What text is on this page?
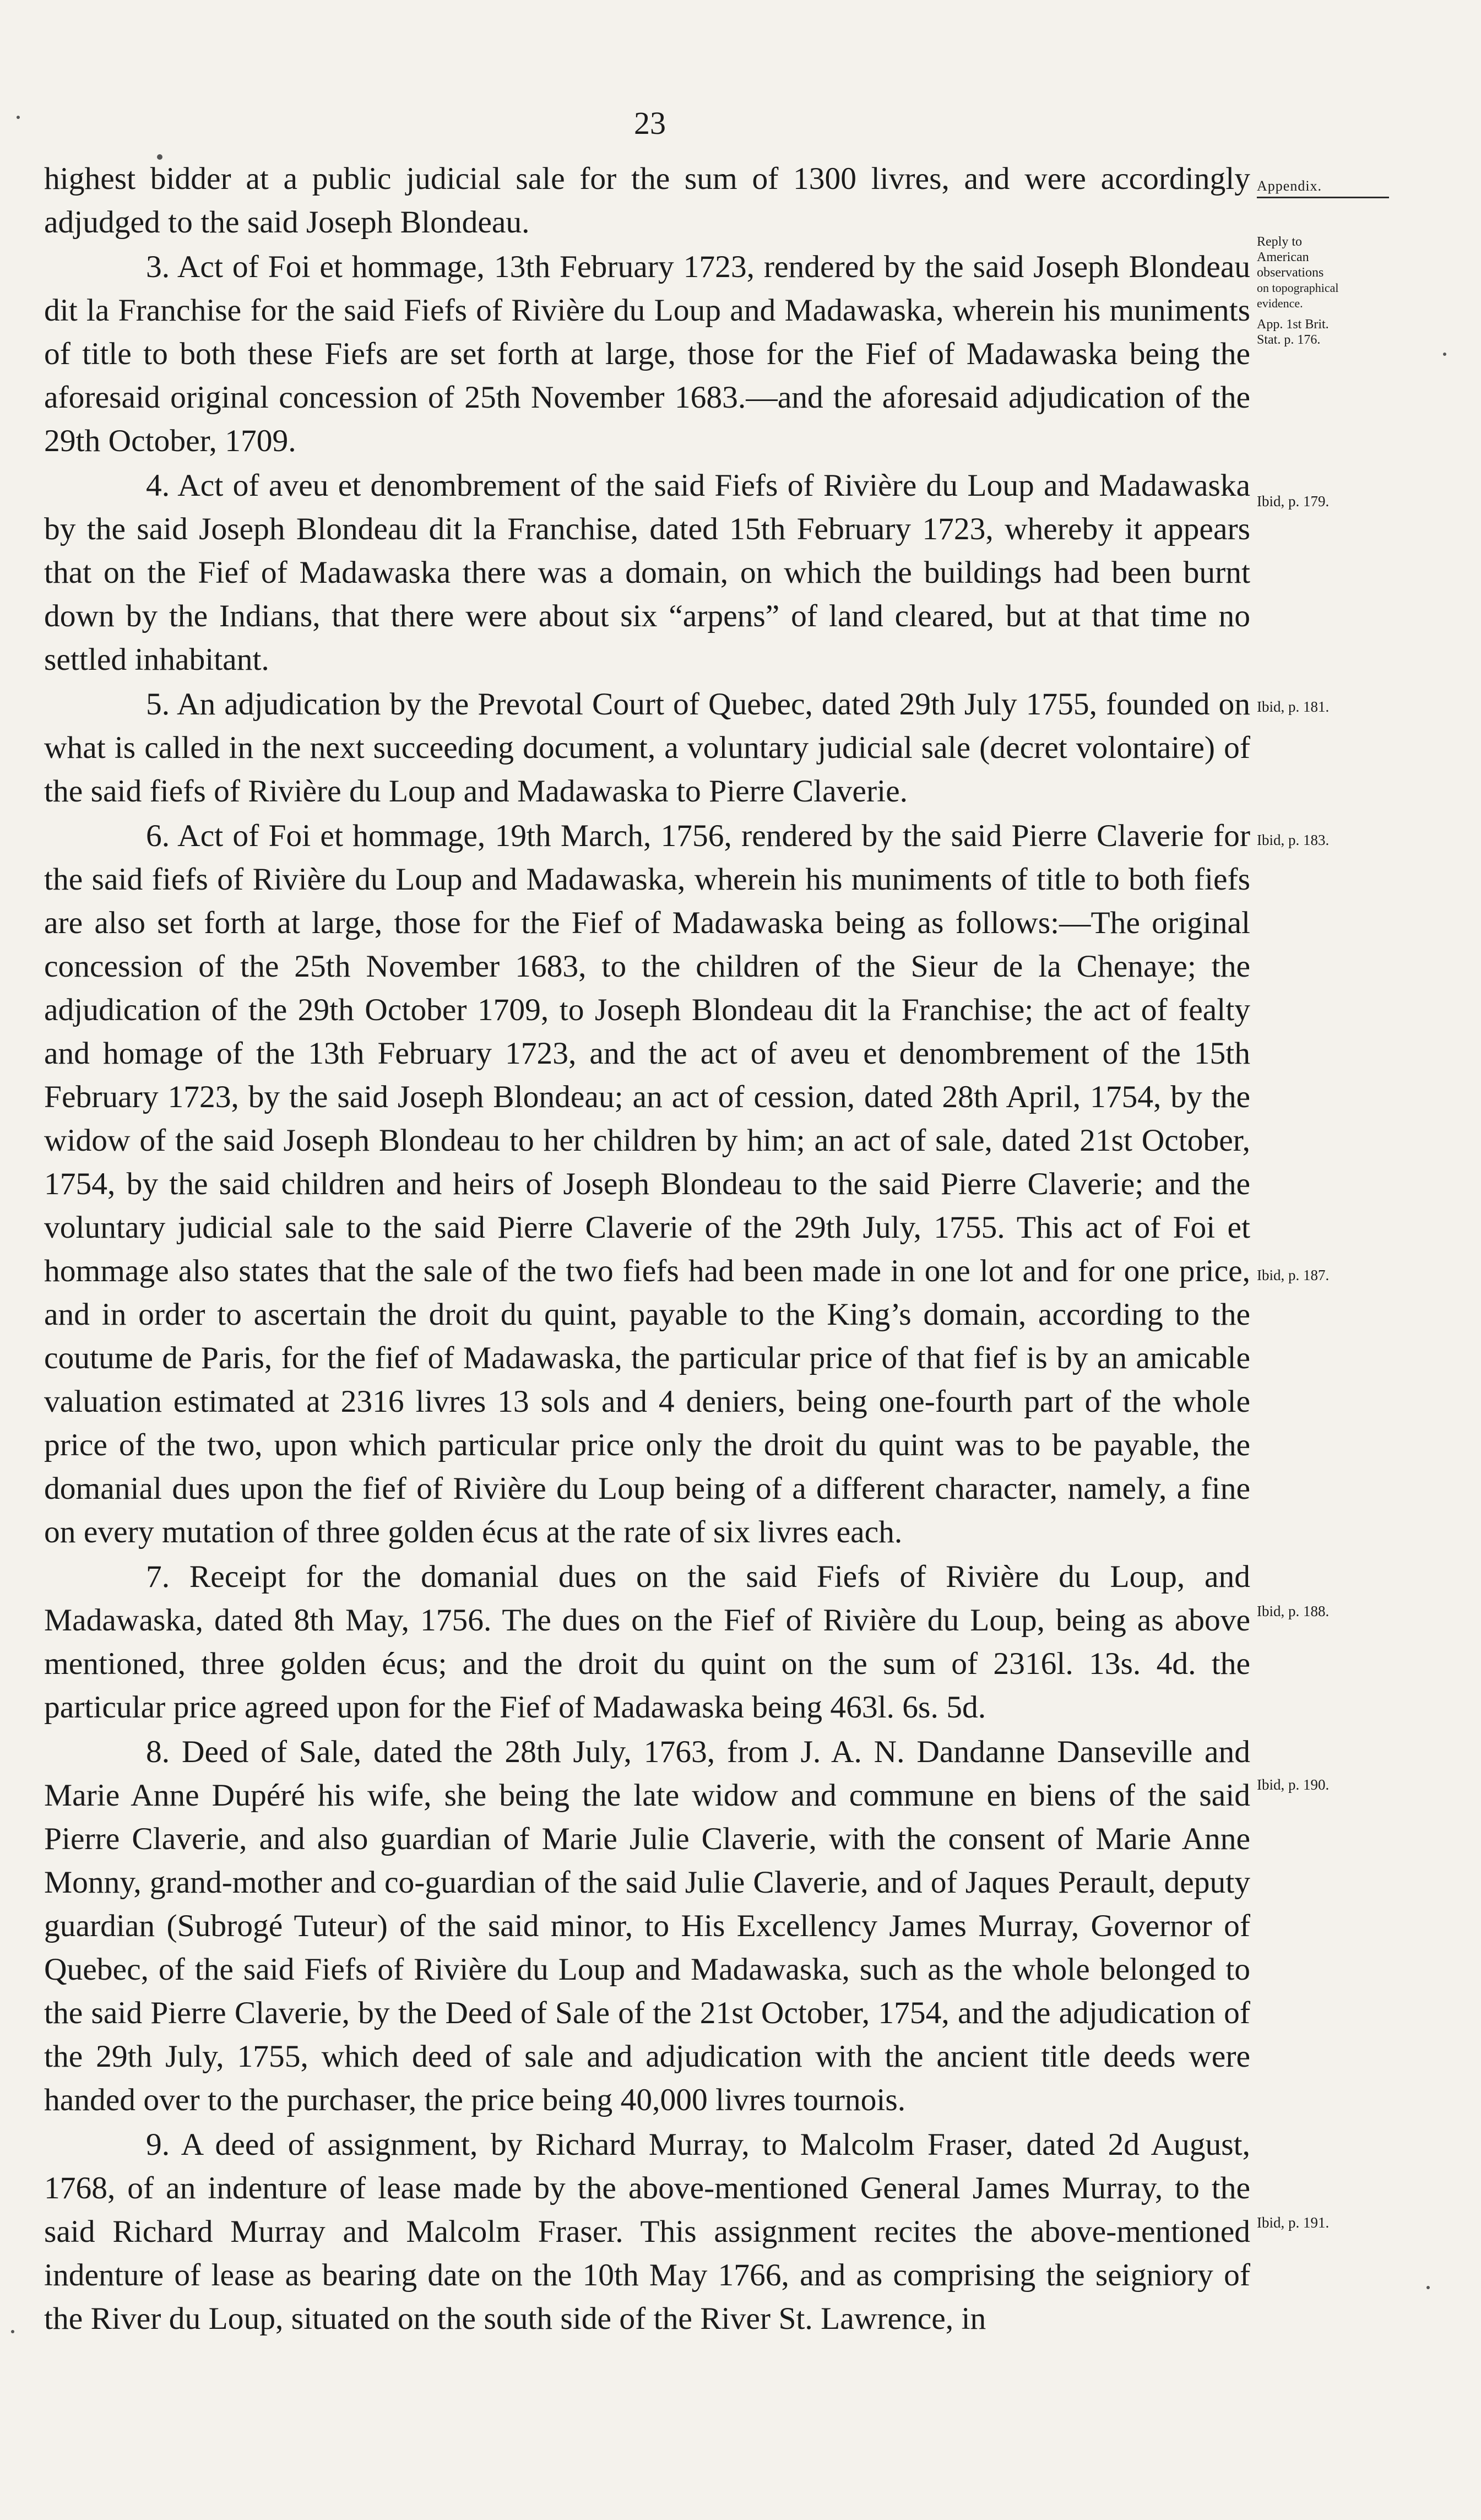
23

highest bidder at a public judicial sale for the sum of 1300 livres, and were accordingly adjudged to the said Joseph Blondeau.

3. Act of Foi et hommage, 13th February 1723, rendered by the said Joseph Blondeau dit la Franchise for the said Fiefs of Rivière du Loup and Madawaska, wherein his muniments of title to both these Fiefs are set forth at large, those for the Fief of Madawaska being the aforesaid original concession of 25th November 1683.—and the aforesaid adjudication of the 29th October, 1709.

4. Act of aveu et denombrement of the said Fiefs of Rivière du Loup and Madawaska by the said Joseph Blondeau dit la Franchise, dated 15th February 1723, whereby it appears that on the Fief of Madawaska there was a domain, on which the buildings had been burnt down by the Indians, that there were about six “arpens” of land cleared, but at that time no settled inhabitant.

5. An adjudication by the Prevotal Court of Quebec, dated 29th July 1755, founded on what is called in the next succeeding document, a voluntary judicial sale (decret volontaire) of the said fiefs of Rivière du Loup and Madawaska to Pierre Claverie.

6. Act of Foi et hommage, 19th March, 1756, rendered by the said Pierre Claverie for the said fiefs of Rivière du Loup and Madawaska, wherein his muniments of title to both fiefs are also set forth at large, those for the Fief of Madawaska being as follows:—The original concession of the 25th November 1683, to the children of the Sieur de la Chenaye; the adjudication of the 29th October 1709, to Joseph Blondeau dit la Franchise; the act of fealty and homage of the 13th February 1723, and the act of aveu et denombrement of the 15th February 1723, by the said Joseph Blondeau; an act of cession, dated 28th April, 1754, by the widow of the said Joseph Blondeau to her children by him; an act of sale, dated 21st October, 1754, by the said children and heirs of Joseph Blondeau to the said Pierre Claverie; and the voluntary judicial sale to the said Pierre Claverie of the 29th July, 1755. This act of Foi et hommage also states that the sale of the two fiefs had been made in one lot and for one price, and in order to ascertain the droit du quint, payable to the King’s domain, according to the coutume de Paris, for the fief of Madawaska, the particular price of that fief is by an amicable valuation estimated at 2316 livres 13 sols and 4 deniers, being one-fourth part of the whole price of the two, upon which particular price only the droit du quint was to be payable, the domanial dues upon the fief of Rivière du Loup being of a different character, namely, a fine on every mutation of three golden écus at the rate of six livres each.

7. Receipt for the domanial dues on the said Fiefs of Rivière du Loup, and Madawaska, dated 8th May, 1756. The dues on the Fief of Rivière du Loup, being as above mentioned, three golden écus; and the droit du quint on the sum of 2316l. 13s. 4d. the particular price agreed upon for the Fief of Madawaska being 463l. 6s. 5d.

8. Deed of Sale, dated the 28th July, 1763, from J. A. N. Dandanne Danseville and Marie Anne Dupéré his wife, she being the late widow and commune en biens of the said Pierre Claverie, and also guardian of Marie Julie Claverie, with the consent of Marie Anne Monny, grand-mother and co-guardian of the said Julie Claverie, and of Jaques Perault, deputy guardian (Subrogé Tuteur) of the said minor, to His Excellency James Murray, Governor of Quebec, of the said Fiefs of Rivière du Loup and Madawaska, such as the whole belonged to the said Pierre Claverie, by the Deed of Sale of the 21st October, 1754, and the adjudication of the 29th July, 1755, which deed of sale and adjudication with the ancient title deeds were handed over to the purchaser, the price being 40,000 livres tournois.

9. A deed of assignment, by Richard Murray, to Malcolm Fraser, dated 2d August, 1768, of an indenture of lease made by the above-mentioned General James Murray, to the said Richard Murray and Malcolm Fraser. This assignment recites the above-mentioned indenture of lease as bearing date on the 10th May 1766, and as comprising the seigniory of the River du Loup, situated on the south side of the River St. Lawrence, in

Appendix.
Reply to American observations
on topographical evidence.
App. 1st Brit. Stat. p. 176.
Ibid, p. 179.
Ibid, p. 181.
Ibid, p. 183.
Ibid, p. 187.
Ibid, p. 188.
Ibid, p. 190.
Ibid, p. 191.
